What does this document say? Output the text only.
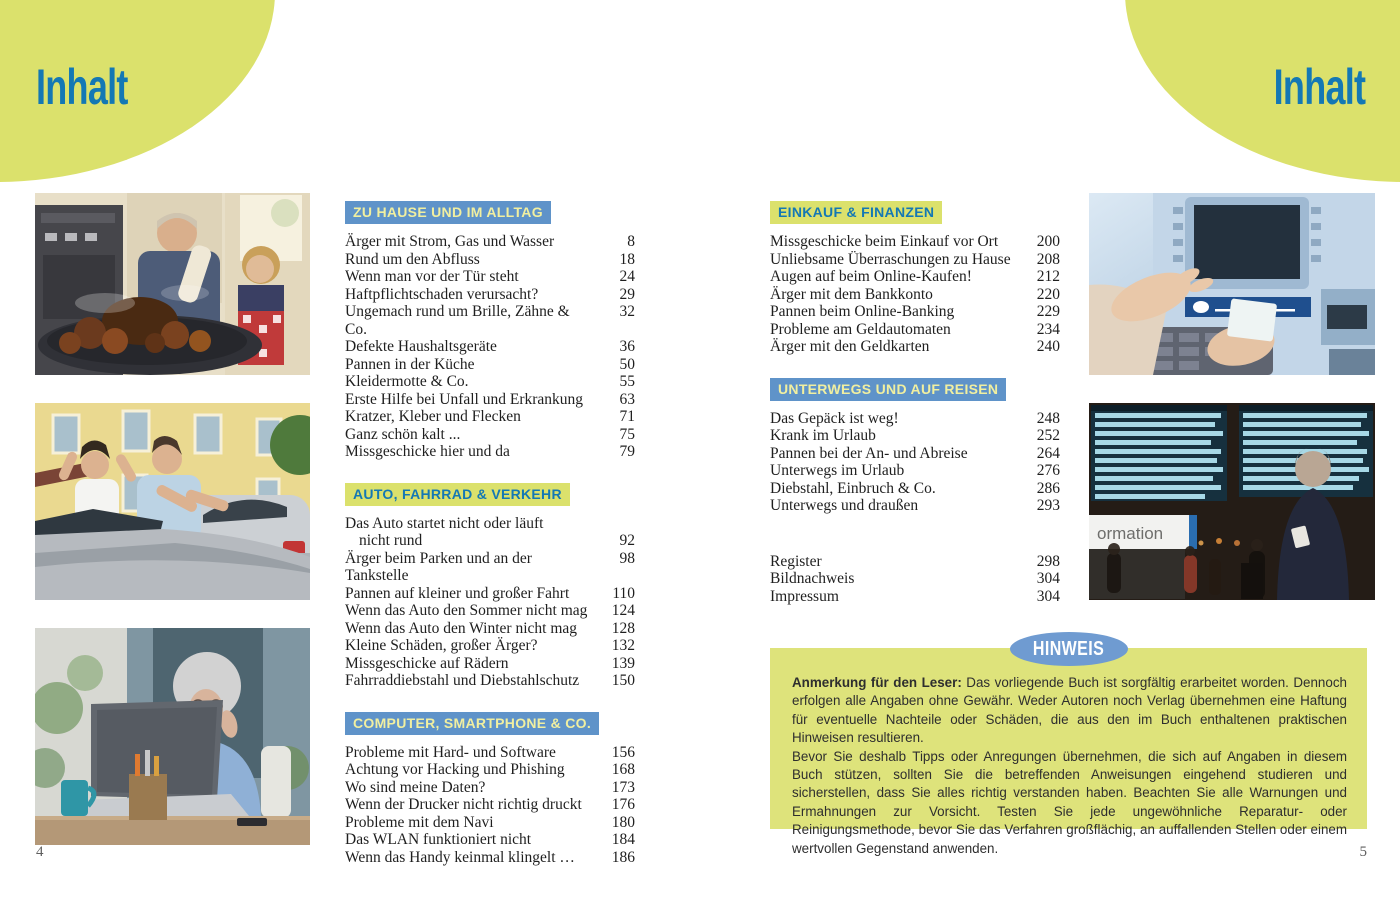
Inhalt
ZU HAUSE UND IM ALLTAG
Ärger mit Strom, Gas und Wasser	8
Rund um den Abfluss	18
Wenn man vor der Tür steht	24
Haftpflichtschaden verursacht?	29
Ungemach rund um Brille, Zähne & Co.
32
Defekte Haushaltsgeräte	36
Pannen in der Küche	50
Kleidermotte & Co.	55
Erste Hilfe bei Unfall und Erkrankung	63
Kratzer, Kleber und Flecken	71
Ganz schön kalt ...	75
Missgeschicke hier und da	79
AUTO, FAHRRAD & VERKEHR
Das Auto startet nicht oder läuft
nicht rund	92
Ärger beim Parken und an der Tankstelle
98
Pannen auf kleiner und großer Fahrt	110
Wenn das Auto den Sommer nicht mag	124
Wenn das Auto den Winter nicht mag	128
Kleine Schäden, großer Ärger?	132
Missgeschicke auf Rädern	139
Fahrraddiebstahl und Diebstahlschutz	150
COMPUTER, SMARTPHONE & CO.
Probleme mit Hard- und Software	156
Achtung vor Hacking und Phishing	168
Wo sind meine Daten?	173
Wenn der Drucker nicht richtig druckt	176
Probleme mit dem Navi	180
Das WLAN funktioniert nicht	184
Wenn das Handy keinmal klingelt …	186
4
Inhalt
EINKAUF & FINANZEN
Missgeschicke beim Einkauf vor Ort	200
Unliebsame Überraschungen zu Hause	208
Augen auf beim Online-Kaufen!	212
Ärger mit dem Bankkonto	220
Pannen beim Online-Banking	229
Probleme am Geldautomaten	234
Ärger mit den Geldkarten	240
UNTERWEGS UND AUF REISEN
Das Gepäck ist weg!	248
Krank im Urlaub	252
Pannen bei der An- und Abreise	264
Unterwegs im Urlaub	276
Diebstahl, Einbruch & Co.	286
Unterwegs und draußen	293
Register	298
Bildnachweis	304
Impressum	304
ormation
HINWEIS

Anmerkung für den Leser: Das vorliegende Buch ist sorgfältig erarbeitet worden. Dennoch erfolgen alle Angaben ohne Gewähr. Weder Autoren noch Verlag übernehmen eine Haftung für eventuelle Nachteile oder Schäden, die aus den im Buch enthaltenen praktischen Hinweisen resultieren.

Bevor Sie deshalb Tipps oder Anregungen übernehmen, die sich auf Angaben in diesem Buch stützen, sollten Sie die betreffenden Anweisungen eingehend studieren und sicherstellen, dass Sie alles richtig verstanden haben. Beachten Sie alle Warnungen und Ermahnungen zur Vorsicht. Testen Sie jede ungewöhnliche Reparatur- oder Reinigungsmethode, bevor Sie das Verfahren großflächig, an auffallenden Stellen oder einem wertvollen Gegenstand anwenden.	5
